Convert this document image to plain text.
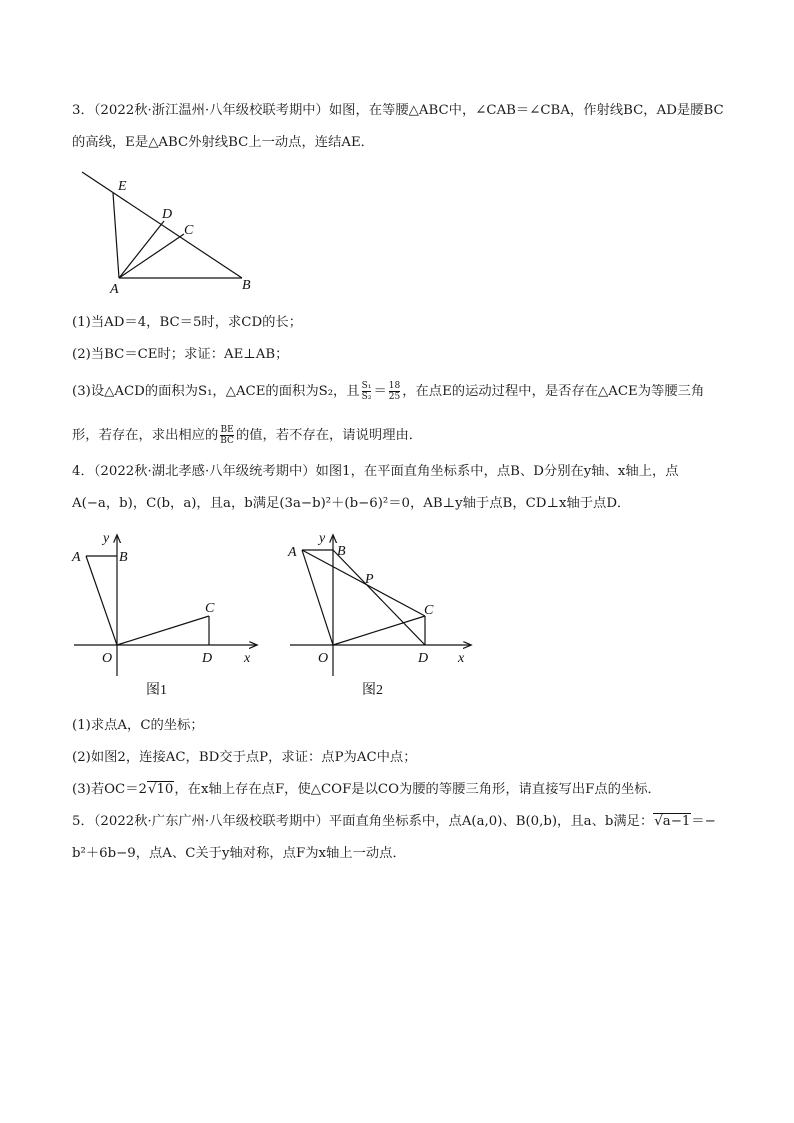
3．（2022秋·浙江温州·八年级校联考期中）如图，在等腰△ABC中，∠CAB＝∠CBA，作射线BC，AD是腰BC
的高线，E是△ABC外射线BC上一动点，连结AE．
E
D
C
A	B
(1)当AD＝4，BC＝5时，求CD的长；
(2)当BC＝CE时；求证：AE⊥AB；
(3)设△ACD的面积为S₁，△ACE的面积为S₂，且 $\frac{\text{S₁}}{\text{S₂}} = \frac{18}{25}$ ，在点E的运动过程中，是否存在△ACE为等腰三角
形，若存在，求出相应的 $\frac{BE}{BC}$ 的值，若不存在，请说明理由．
4．（2022秋·湖北孝感·八年级统考期中）如图1，在平面直角坐标系中，点B、D分别在y轴、x轴上，点
A(−a，b)，C(b，a)，且a，b满足(3a−b)²＋(b−6)²＝0，AB⊥y轴于点B，CD⊥x轴于点D．
y
A	B
C
O	D x
图1
y
A	B
P
C
O	D x
图2
(1)求点A，C的坐标；
(2)如图2，连接AC，BD交于点P，求证：点P为AC中点；
(3)若OC＝2√10，在x轴上存在点F，使△COF是以CO为腰的等腰三角形，请直接写出F点的坐标．
5．（2022秋·广东广州·八年级校联考期中）平面直角坐标系中，点A(a,0)、B(0,b)，且a、b满足：√a−1＝−
b²＋6b−9，点A、C关于y轴对称，点F为x轴上一动点．
